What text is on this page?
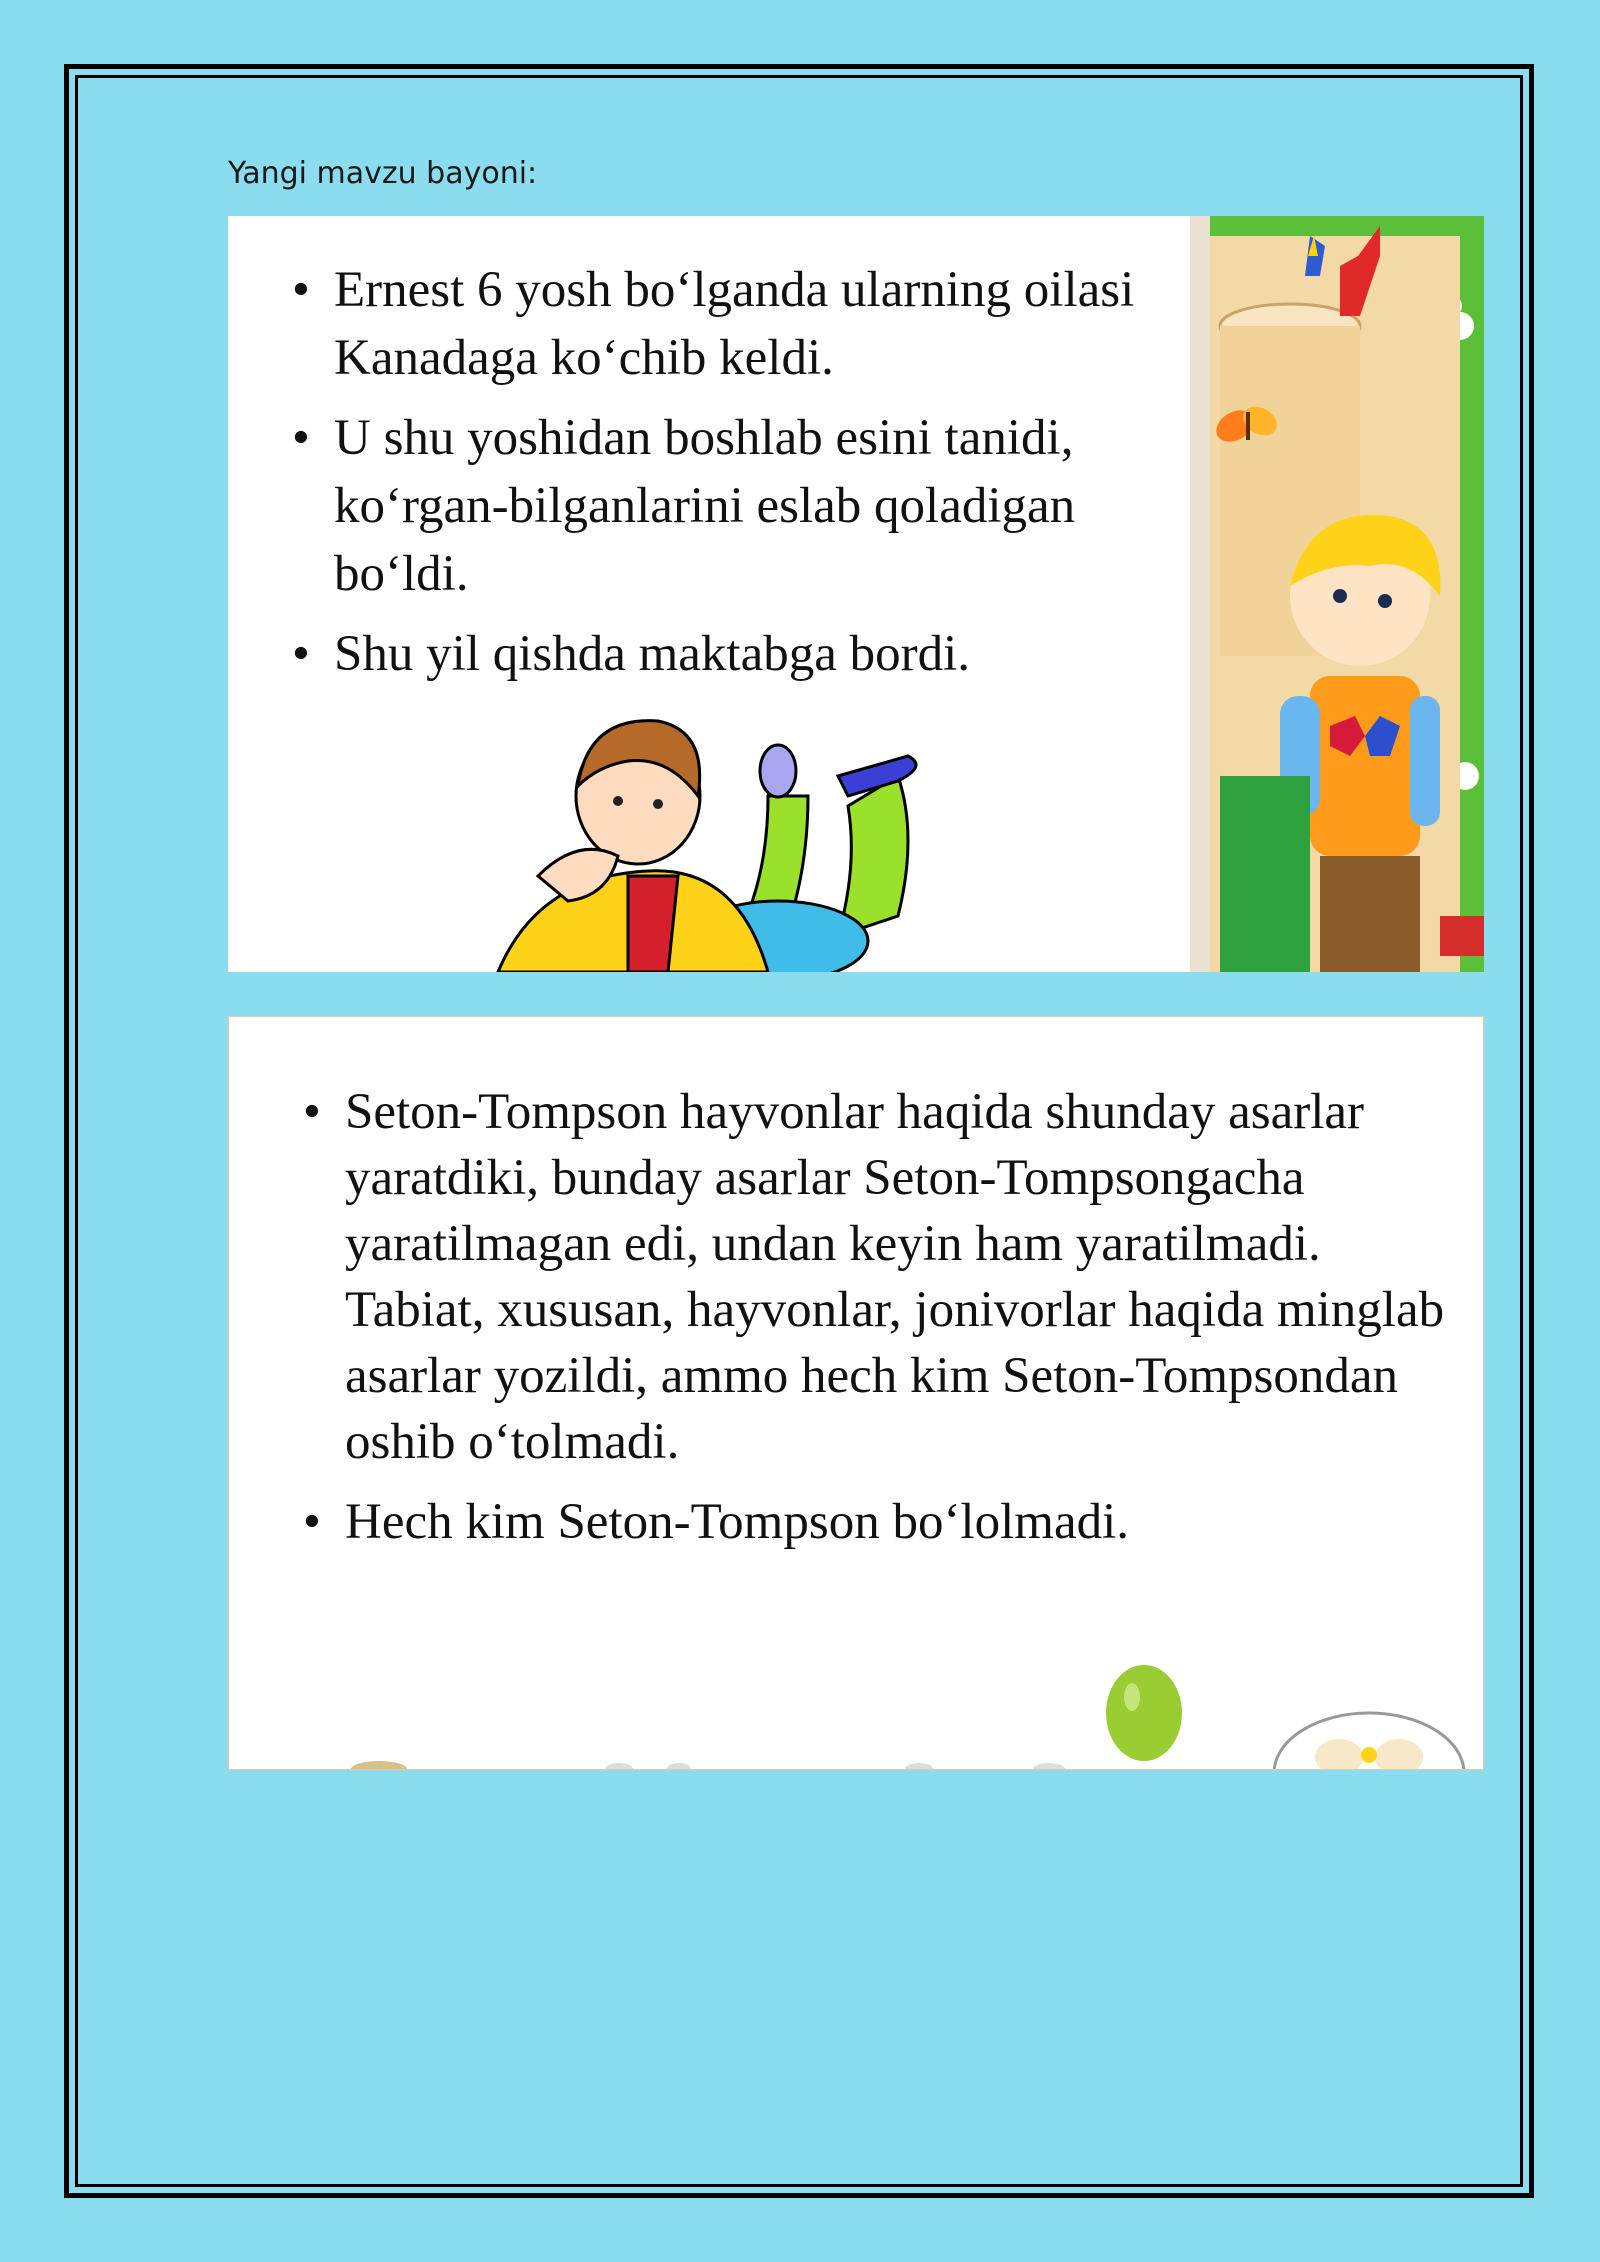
Yangi mavzu bayoni:
• Ernest 6 yosh bo‘lganda ularning oilasi Kanadaga ko‘chib keldi.
• U shu yoshidan boshlab esini tanidi, ko‘rgan-bilganlarini eslab qoladigan bo‘ldi.
• Shu yil qishda maktabga bordi.
• Seton-Tompson hayvonlar haqida shunday asarlar yaratdiki, bunday asarlar Seton-Tompsongacha yaratilmagan edi, undan keyin ham yaratilmadi. Tabiat, xususan, hayvonlar, jonivorlar haqida minglab asarlar yozildi, ammo hech kim Seton-Tompsondan oshib o‘tolmadi.
• Hech kim Seton-Tompson bo‘lolmadi.
